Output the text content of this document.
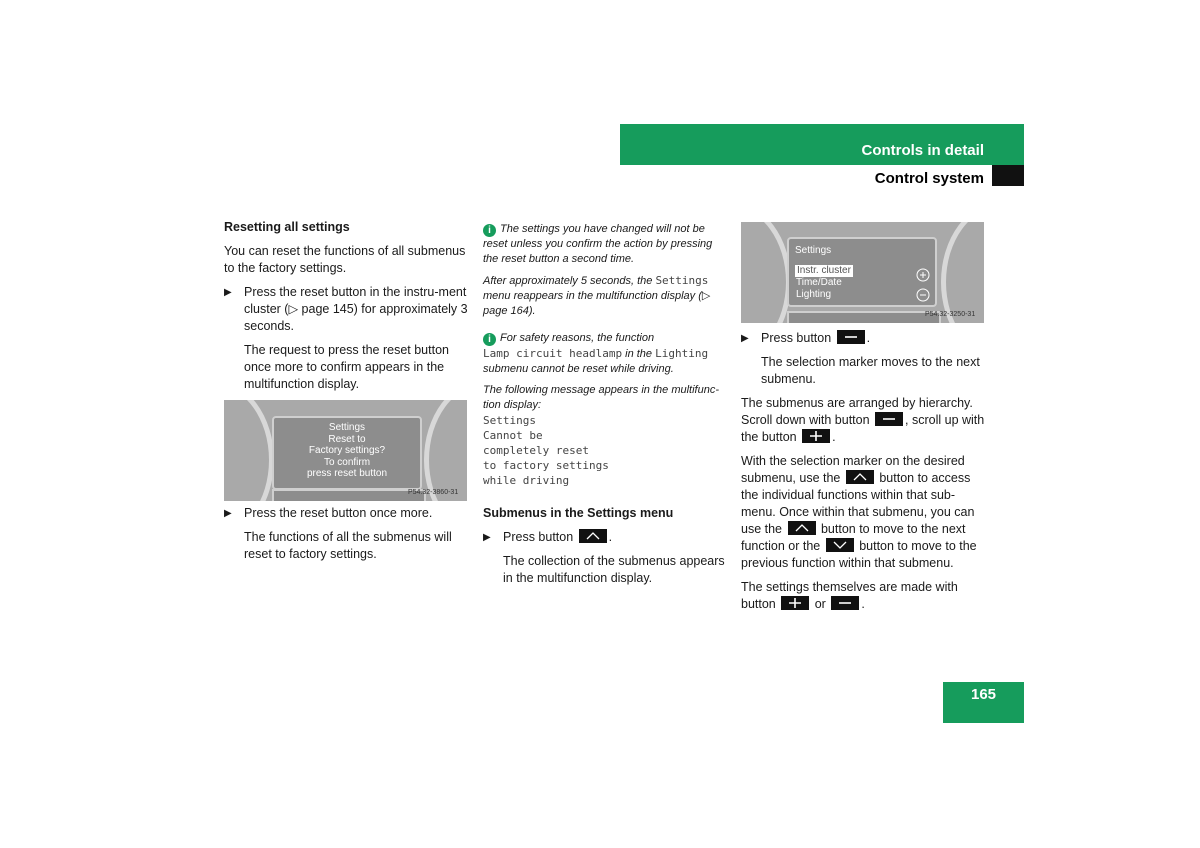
Controls in detail
Control system

Resetting all settings

You can reset the functions of all submenus to the factory settings.

▶ Press the reset button in the instru-ment cluster (▷ page 145) for approximately 3 seconds.

The request to press the reset button once more to confirm appears in the multifunction display.

Settings
Reset to
Factory settings?
To confirm
press reset button
P54.32-3860-31
▶ Press the reset button once more.

The functions of all the submenus will reset to factory settings.

i The settings you have changed will not be reset unless you confirm the action by pressing the reset button a second time.

After approximately 5 seconds, the Settings menu reappears in the multifunction display (▷ page 164).

i For safety reasons, the function
Lamp circuit headlamp in the Lighting
submenu cannot be reset while driving.

The following message appears in the multifunc-tion display:

Settings
Cannot be
completely reset
to factory settings
while driving

Submenus in the Settings menu

▶ Press button	.

The collection of the submenus appears in the multifunction display.

Settings
Instr. cluster
Time/Date
Lighting
P54.32-3250-31
▶ Press button	.

The selection marker moves to the next submenu.

The submenus are arranged by hierarchy. Scroll down with button	, scroll up with the button	.

With the selection marker on the desired submenu, use the	button to access the individual functions within that sub-menu. Once within that submenu, you can use the	button to move to the next function or the	button to move to the previous function within that submenu.

The settings themselves are made with button	or	.

165
